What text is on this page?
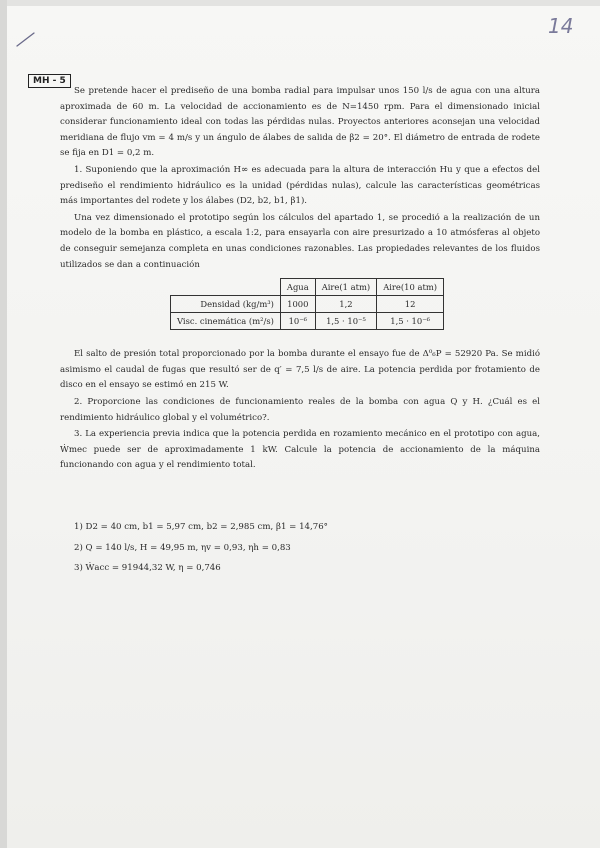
14
MH - 5

Se pretende hacer el prediseño de una bomba radial para impulsar unos 150 l/s de agua con una altura aproximada de 60 m. La velocidad de accionamiento es de N=1450 rpm. Para el dimensionado inicial considerar funcionamiento ideal con todas las pérdidas nulas. Proyectos anteriores aconsejan una velocidad meridiana de flujo vm = 4 m/s y un ángulo de álabes de salida de β2 = 20°. El diámetro de entrada de rodete se fija en D1 = 0,2 m.

1. Suponiendo que la aproximación H∞ es adecuada para la altura de interacción Hu y que a efectos del prediseño el rendimiento hidráulico es la unidad (pérdidas nulas), calcule las características geométricas más importantes del rodete y los álabes (D2, b2, b1, β1).

Una vez dimensionado el prototipo según los cálculos del apartado 1, se procedió a la realización de un modelo de la bomba en plástico, a escala 1:2, para ensayarla con aire presurizado a 10 atmósferas al objeto de conseguir semejanza completa en unas condiciones razonables. Las propiedades relevantes de los fluidos utilizados se dan a continuación

	Agua	Aire(1 atm)	Aire(10 atm)
Densidad (kg/m³)	1000	1,2	12
Visc. cinemática (m²/s)	10⁻⁶	1,5 · 10⁻⁵	1,5 · 10⁻⁶

El salto de presión total proporcionado por la bomba durante el ensayo fue de Δ⁰₆P = 52920 Pa. Se midió asimismo el caudal de fugas que resultó ser de q′ = 7,5 l/s de aire. La potencia perdida por frotamiento de disco en el ensayo se estimó en 215 W.

2. Proporcione las condiciones de funcionamiento reales de la bomba con agua Q y H. ¿Cuál es el rendimiento hidráulico global y el volumétrico?.

3. La experiencia previa indica que la potencia perdida en rozamiento mecánico en el prototipo con agua, Ẇmec puede ser de aproximadamente 1 kW. Calcule la potencia de accionamiento de la máquina funcionando con agua y el rendimiento total.

1) D2 = 40 cm, b1 = 5,97 cm, b2 = 2,985 cm, β1 = 14,76°
2) Q = 140 l/s, H = 49,95 m, ηv = 0,93, ηh = 0,83
3) Ẇacc = 91944,32 W, η = 0,746
